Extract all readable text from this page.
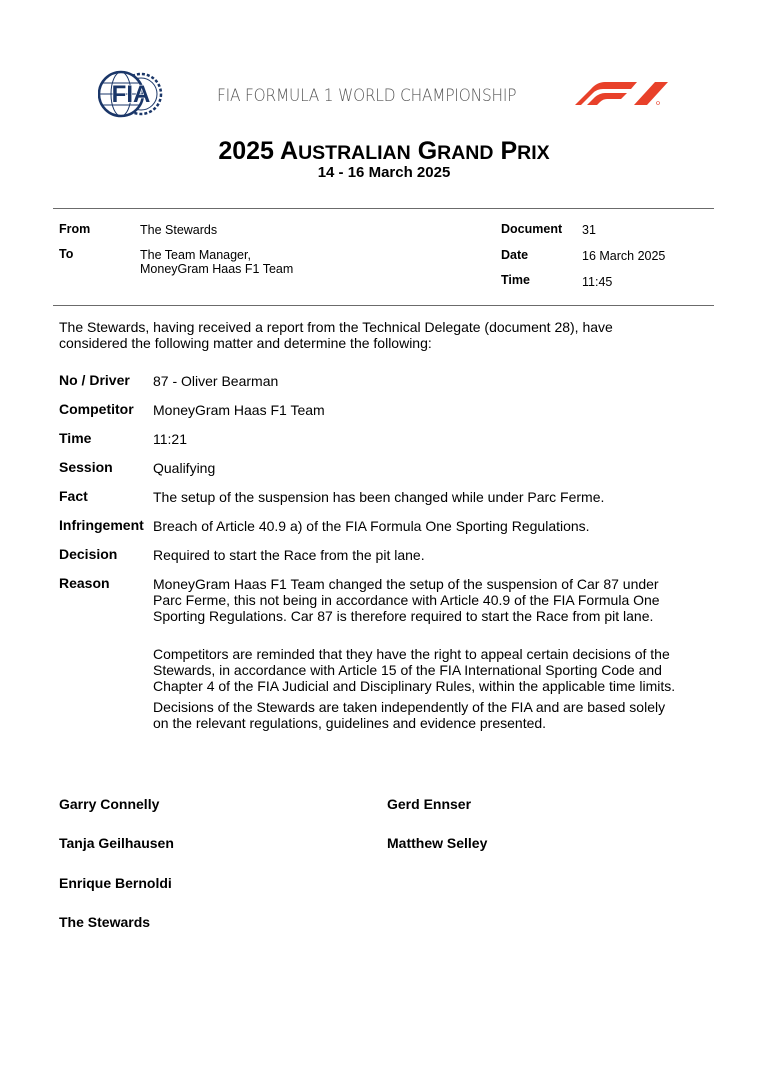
FIA	FIA FORMULA 1 WORLD CHAMPIONSHIP
2025 AUSTRALIAN GRAND PRIX
14 - 16 March 2025
From	The Stewards
To	The Team Manager,
MoneyGram Haas F1 Team
Document 31
Date	16 March 2025
Time	11:45
The Stewards, having received a report from the Technical Delegate (document 28), have
considered the following matter and determine the following:
No / Driver 87 - Oliver Bearman
Competitor MoneyGram Haas F1 Team
Time	11:21
Session	Qualifying
Fact	The setup of the suspension has been changed while under Parc Ferme.
Infringement Breach of Article 40.9 a) of the FIA Formula One Sporting Regulations.
Decision	Required to start the Race from the pit lane.
Reason	MoneyGram Haas F1 Team changed the setup of the suspension of Car 87 under
Parc Ferme, this not being in accordance with Article 40.9 of the FIA Formula One
Sporting Regulations. Car 87 is therefore required to start the Race from pit lane.
Competitors are reminded that they have the right to appeal certain decisions of the
Stewards, in accordance with Article 15 of the FIA International Sporting Code and
Chapter 4 of the FIA Judicial and Disciplinary Rules, within the applicable time limits.
Decisions of the Stewards are taken independently of the FIA and are based solely
on the relevant regulations, guidelines and evidence presented.
Garry Connelly	Gerd Ennser
Tanja Geilhausen	Matthew Selley
Enrique Bernoldi
The Stewards
